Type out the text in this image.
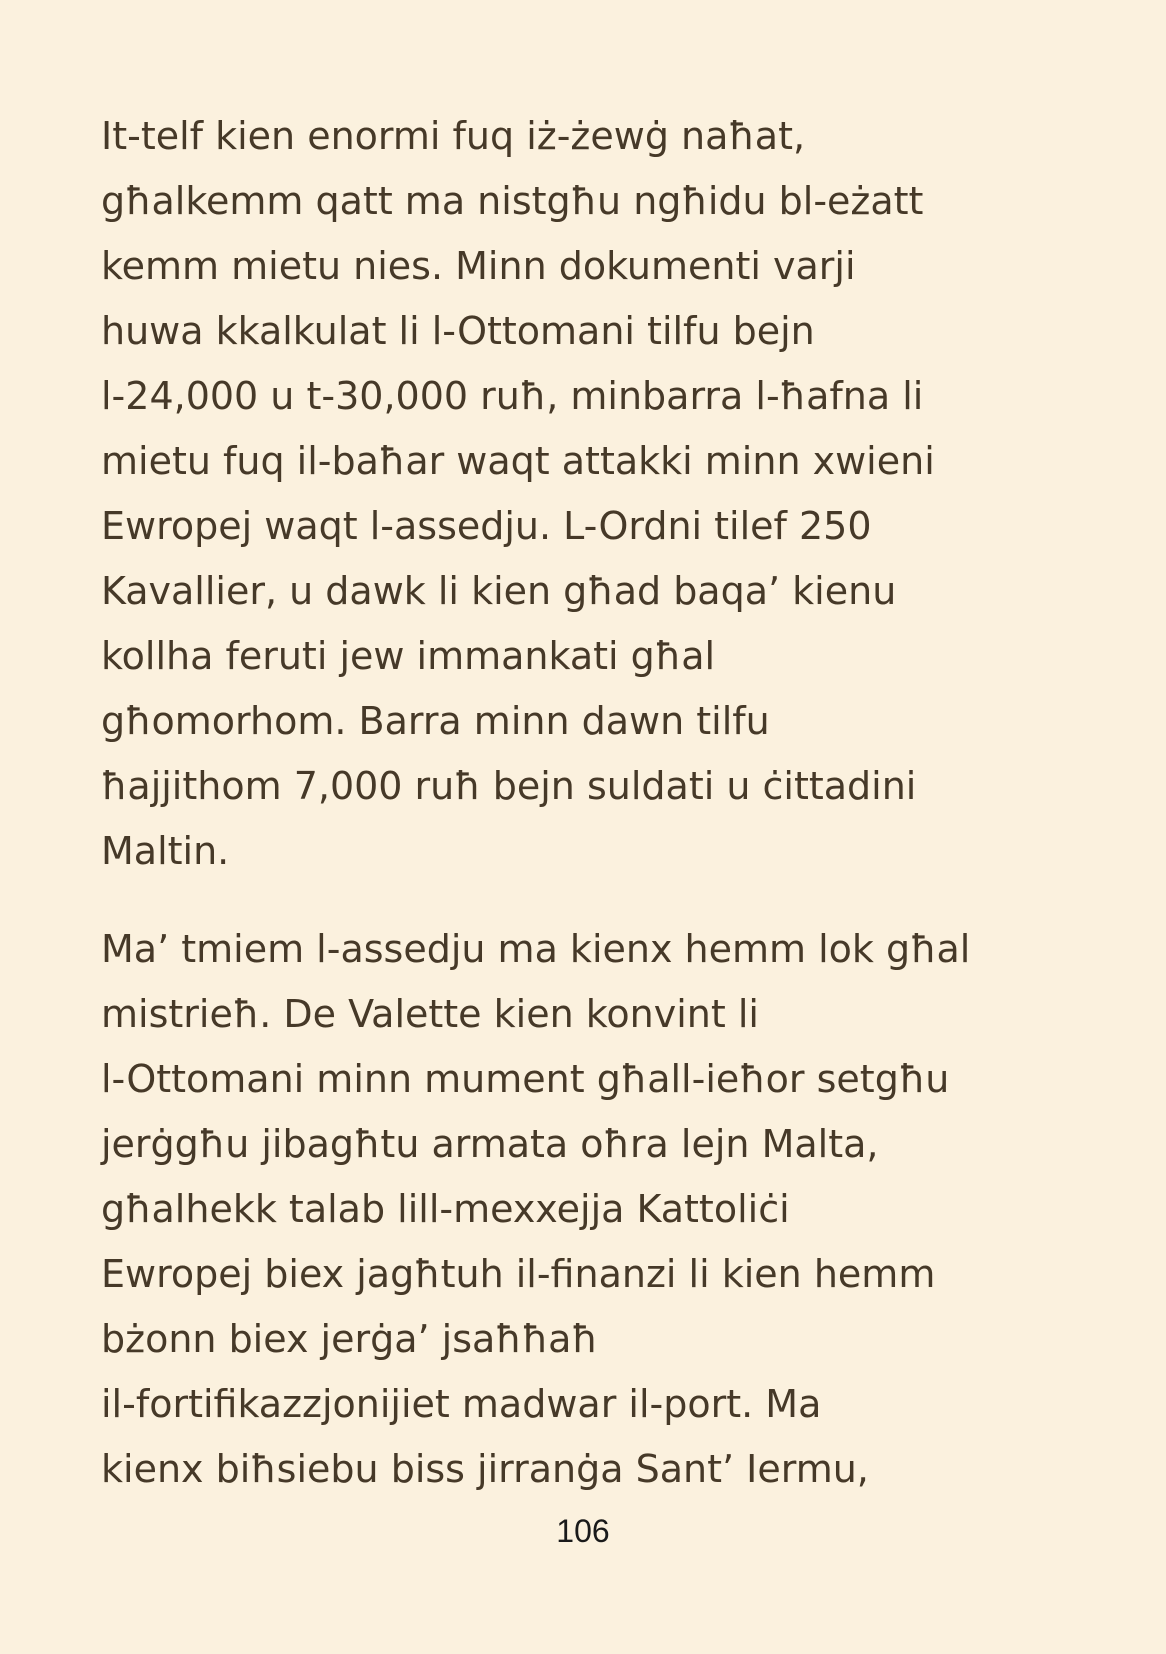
It-telf kien enormi fuq iż-żewġ naħat,
għalkemm qatt ma nistgħu ngħidu bl-eżatt
kemm mietu nies. Minn dokumenti varji
huwa kkalkulat li l-Ottomani tilfu bejn
l-24,000 u t-30,000 ruħ, minbarra l-ħafna li
mietu fuq il-baħar waqt attakki minn xwieni
Ewropej waqt l-assedju. L-Ordni tilef 250
Kavallier, u dawk li kien għad baqa’ kienu
kollha feruti jew immankati għal
għomorhom. Barra minn dawn tilfu
ħajjithom 7,000 ruħ bejn suldati u ċittadini
Maltin.
Ma’ tmiem l-assedju ma kienx hemm lok għal
mistrieħ. De Valette kien konvint li
l-Ottomani minn mument għall-ieħor setgħu
jerġgħu jibagħtu armata oħra lejn Malta,
għalhekk talab lill-mexxejja Kattoliċi
Ewropej biex jagħtuh il-finanzi li kien hemm
bżonn biex jerġa’ jsaħħaħ
il-fortifikazzjonijiet madwar il-port. Ma
kienx biħsiebu biss jirranġa Sant’ Iermu,
106
